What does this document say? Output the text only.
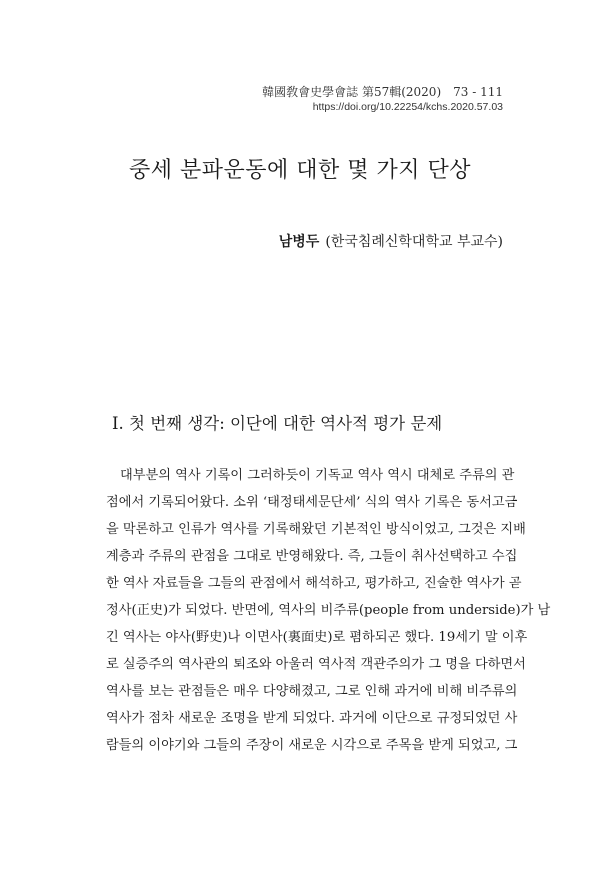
韓國敎會史學會誌 第57輯(2020) 73 - 111
https://doi.org/10.22254/kchs.2020.57.03
중세 분파운동에 대한 몇 가지 단상
남병두 (한국침례신학대학교 부교수)
I. 첫 번째 생각: 이단에 대한 역사적 평가 문제
대부분의 역사 기록이 그러하듯이 기독교 역사 역시 대체로 주류의 관
점에서 기록되어왔다. 소위 ‘태정태세문단세’ 식의 역사 기록은 동서고금
을 막론하고 인류가 역사를 기록해왔던 기본적인 방식이었고, 그것은 지배
계층과 주류의 관점을 그대로 반영해왔다. 즉, 그들이 취사선택하고 수집
한 역사 자료들을 그들의 관점에서 해석하고, 평가하고, 진술한 역사가 곧
정사(正史)가 되었다. 반면에, 역사의 비주류(people from underside)가 남
긴 역사는 야사(野史)나 이면사(裏面史)로 폄하되곤 했다. 19세기 말 이후
로 실증주의 역사관의 퇴조와 아울러 역사적 객관주의가 그 명을 다하면서
역사를 보는 관점들은 매우 다양해졌고, 그로 인해 과거에 비해 비주류의
역사가 점차 새로운 조명을 받게 되었다. 과거에 이단으로 규정되었던 사
람들의 이야기와 그들의 주장이 새로운 시각으로 주목을 받게 되었고, 그
